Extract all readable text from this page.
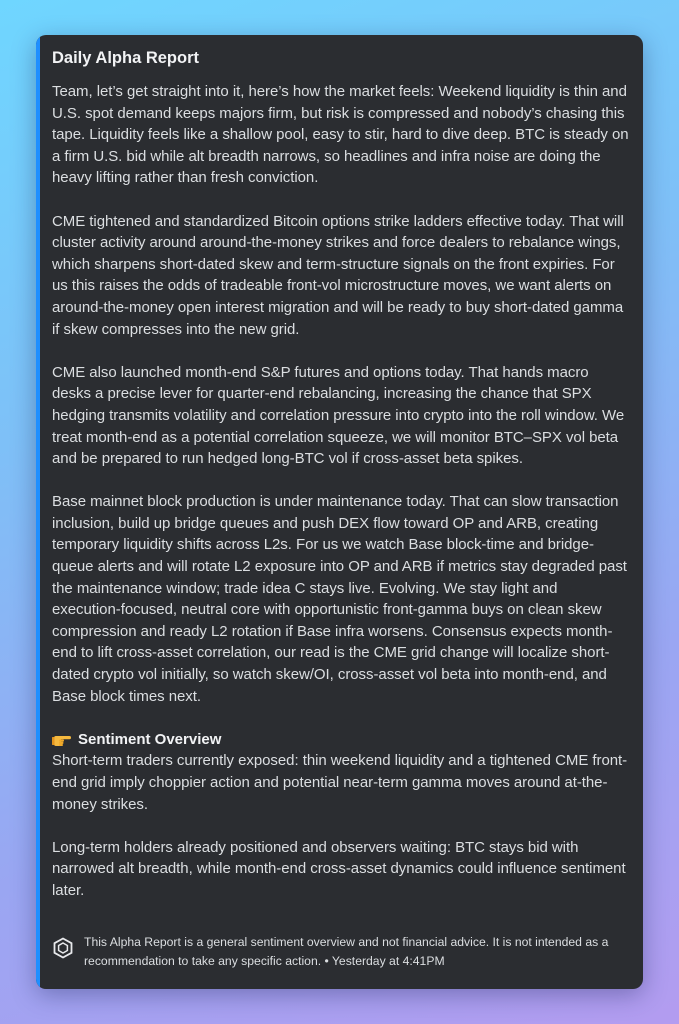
Daily Alpha Report

Team, let’s get straight into it, here’s how the market feels: Weekend liquidity is thin and U.S. spot demand keeps majors firm, but risk is compressed and nobody’s chasing this tape. Liquidity feels like a shallow pool, easy to stir, hard to dive deep. BTC is steady on a firm U.S. bid while alt breadth narrows, so headlines and infra noise are doing the heavy lifting rather than fresh conviction.

CME tightened and standardized Bitcoin options strike ladders effective today. That will cluster activity around around-the-money strikes and force dealers to rebalance wings, which sharpens short-dated skew and term-structure signals on the front expiries. For us this raises the odds of tradeable front-vol microstructure moves, we want alerts on around-the-money open interest migration and will be ready to buy short-dated gamma if skew compresses into the new grid.

CME also launched month-end S&P futures and options today. That hands macro desks a precise lever for quarter-end rebalancing, increasing the chance that SPX hedging transmits volatility and correlation pressure into crypto into the roll window. We treat month-end as a potential correlation squeeze, we will monitor BTC–SPX vol beta and be prepared to run hedged long-BTC vol if cross-asset beta spikes.

Base mainnet block production is under maintenance today. That can slow transaction inclusion, build up bridge queues and push DEX flow toward OP and ARB, creating temporary liquidity shifts across L2s. For us we watch Base block-time and bridge-queue alerts and will rotate L2 exposure into OP and ARB if metrics stay degraded past the maintenance window; trade idea C stays live. Evolving. We stay light and execution-focused, neutral core with opportunistic front-gamma buys on clean skew compression and ready L2 rotation if Base infra worsens. Consensus expects month-end to lift cross-asset correlation, our read is the CME grid change will localize short-dated crypto vol initially, so watch skew/OI, cross-asset vol beta into month-end, and Base block times next.

Sentiment Overview

Short-term traders currently exposed: thin weekend liquidity and a tightened CME front-end grid imply choppier action and potential near-term gamma moves around at-the-money strikes.

Long-term holders already positioned and observers waiting: BTC stays bid with narrowed alt breadth, while month-end cross-asset dynamics could influence sentiment later.

This Alpha Report is a general sentiment overview and not financial advice. It is not intended as a recommendation to take any specific action. • Yesterday at 4:41PM
